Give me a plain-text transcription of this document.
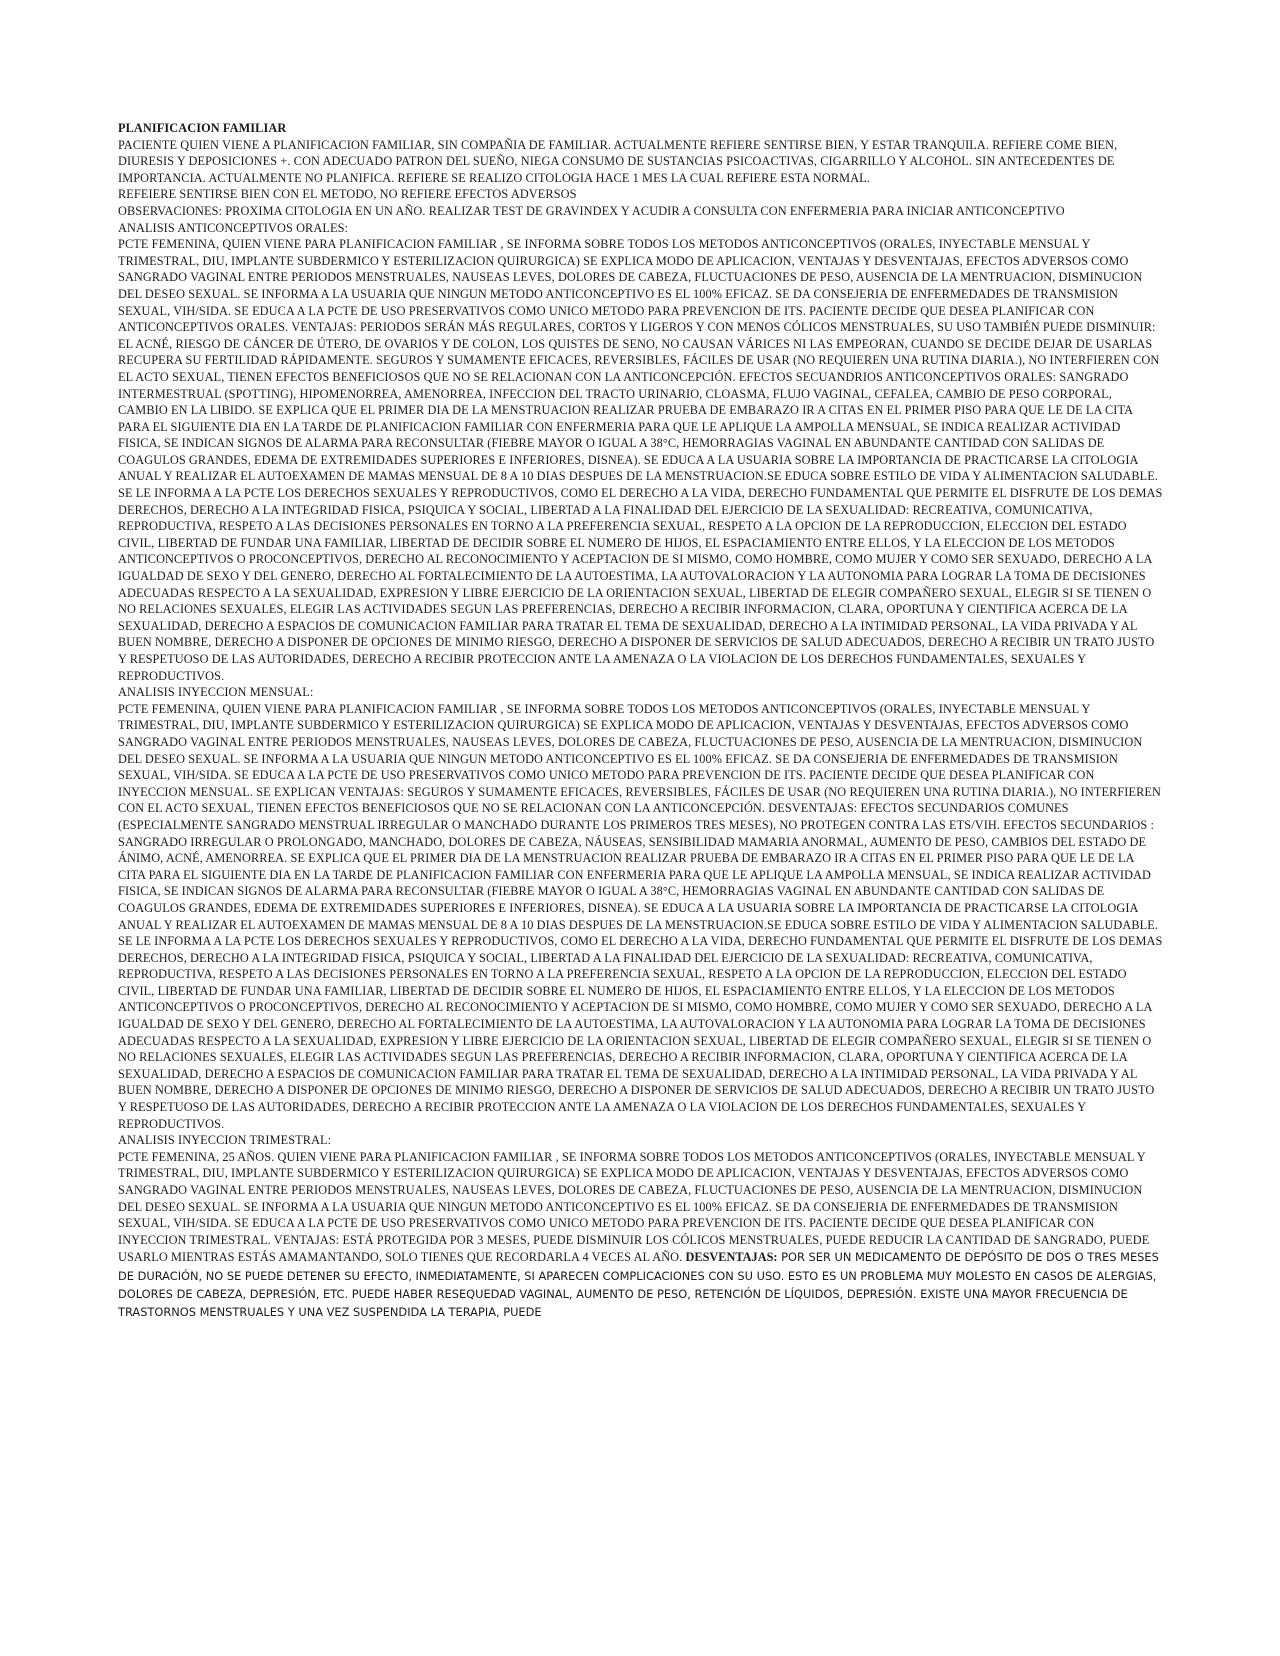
PLANIFICACION FAMILIAR

PACIENTE QUIEN VIENE A PLANIFICACION FAMILIAR, SIN COMPAÑIA DE FAMILIAR. ACTUALMENTE REFIERE SENTIRSE BIEN, Y ESTAR TRANQUILA. REFIERE COME BIEN, DIURESIS Y DEPOSICIONES +. CON ADECUADO PATRON DEL SUEÑO, NIEGA CONSUMO DE SUSTANCIAS PSICOACTIVAS, CIGARRILLO Y ALCOHOL. SIN ANTECEDENTES DE IMPORTANCIA. ACTUALMENTE NO PLANIFICA. REFIERE SE REALIZO CITOLOGIA HACE 1 MES LA CUAL REFIERE ESTA NORMAL.

REFEIERE SENTIRSE BIEN CON EL METODO, NO REFIERE EFECTOS ADVERSOS

OBSERVACIONES: PROXIMA CITOLOGIA EN UN AÑO. REALIZAR TEST DE GRAVINDEX Y ACUDIR A CONSULTA CON ENFERMERIA PARA INICIAR ANTICONCEPTIVO

ANALISIS ANTICONCEPTIVOS ORALES:

PCTE FEMENINA, QUIEN VIENE PARA PLANIFICACION FAMILIAR , SE INFORMA SOBRE TODOS LOS METODOS ANTICONCEPTIVOS (ORALES, INYECTABLE MENSUAL Y TRIMESTRAL, DIU, IMPLANTE SUBDERMICO Y ESTERILIZACION QUIRURGICA) SE EXPLICA MODO DE APLICACION, VENTAJAS Y DESVENTAJAS, EFECTOS ADVERSOS COMO SANGRADO VAGINAL ENTRE PERIODOS MENSTRUALES, NAUSEAS LEVES, DOLORES DE CABEZA, FLUCTUACIONES DE PESO, AUSENCIA DE LA MENTRUACION, DISMINUCION DEL DESEO SEXUAL. SE INFORMA A LA USUARIA QUE NINGUN METODO ANTICONCEPTIVO ES EL 100% EFICAZ. SE DA CONSEJERIA DE ENFERMEDADES DE TRANSMISION SEXUAL, VIH/SIDA. SE EDUCA A LA PCTE DE USO PRESERVATIVOS COMO UNICO METODO PARA PREVENCION DE ITS. PACIENTE DECIDE QUE DESEA PLANIFICAR CON ANTICONCEPTIVOS ORALES. VENTAJAS: PERIODOS SERÁN MÁS REGULARES, CORTOS Y LIGEROS Y CON MENOS CÓLICOS MENSTRUALES, SU USO TAMBIÉN PUEDE DISMINUIR: EL ACNÉ, RIESGO DE CÁNCER DE ÚTERO, DE OVARIOS Y DE COLON, LOS QUISTES DE SENO, NO CAUSAN VÁRICES NI LAS EMPEORAN, CUANDO SE DECIDE DEJAR DE USARLAS RECUPERA SU FERTILIDAD RÁPIDAMENTE. SEGUROS Y SUMAMENTE EFICACES, REVERSIBLES, FÁCILES DE USAR (NO REQUIEREN UNA RUTINA DIARIA.), NO INTERFIEREN CON EL ACTO SEXUAL, TIENEN EFECTOS BENEFICIOSOS QUE NO SE RELACIONAN CON LA ANTICONCEPCIÓN. EFECTOS SECUANDRIOS ANTICONCEPTIVOS ORALES: SANGRADO INTERMESTRUAL (SPOTTING), HIPOMENORREA, AMENORREA, INFECCION DEL TRACTO URINARIO, CLOASMA, FLUJO VAGINAL, CEFALEA, CAMBIO DE PESO CORPORAL, CAMBIO EN LA LIBIDO. SE EXPLICA QUE EL PRIMER DIA DE LA MENSTRUACION REALIZAR PRUEBA DE EMBARAZO IR A CITAS EN EL PRIMER PISO PARA QUE LE DE LA CITA PARA EL SIGUIENTE DIA EN LA TARDE DE PLANIFICACION FAMILIAR CON ENFERMERIA PARA QUE LE APLIQUE LA AMPOLLA MENSUAL, SE INDICA REALIZAR ACTIVIDAD FISICA, SE INDICAN SIGNOS DE ALARMA PARA RECONSULTAR (FIEBRE MAYOR O IGUAL A 38°C, HEMORRAGIAS VAGINAL EN ABUNDANTE CANTIDAD CON SALIDAS DE COAGULOS GRANDES, EDEMA DE EXTREMIDADES SUPERIORES E INFERIORES, DISNEA). SE EDUCA A LA USUARIA SOBRE LA IMPORTANCIA DE PRACTICARSE LA CITOLOGIA ANUAL Y REALIZAR EL AUTOEXAMEN DE MAMAS MENSUAL DE 8 A 10 DIAS DESPUES DE LA MENSTRUACION.SE EDUCA SOBRE ESTILO DE VIDA Y ALIMENTACION SALUDABLE. SE LE INFORMA A LA PCTE LOS DERECHOS SEXUALES Y REPRODUCTIVOS, COMO EL DERECHO A LA VIDA, DERECHO FUNDAMENTAL QUE PERMITE EL DISFRUTE DE LOS DEMAS DERECHOS, DERECHO A LA INTEGRIDAD FISICA, PSIQUICA Y SOCIAL, LIBERTAD A LA FINALIDAD DEL EJERCICIO DE LA SEXUALIDAD: RECREATIVA, COMUNICATIVA, REPRODUCTIVA, RESPETO A LAS DECISIONES PERSONALES EN TORNO A LA PREFERENCIA SEXUAL, RESPETO A LA OPCION DE LA REPRODUCCION, ELECCION DEL ESTADO CIVIL, LIBERTAD DE FUNDAR UNA FAMILIAR, LIBERTAD DE DECIDIR SOBRE EL NUMERO DE HIJOS, EL ESPACIAMIENTO ENTRE ELLOS, Y LA ELECCION DE LOS METODOS ANTICONCEPTIVOS O PROCONCEPTIVOS, DERECHO AL RECONOCIMIENTO Y ACEPTACION DE SI MISMO, COMO HOMBRE, COMO MUJER Y COMO SER SEXUADO, DERECHO A LA IGUALDAD DE SEXO Y DEL GENERO, DERECHO AL FORTALECIMIENTO DE LA AUTOESTIMA, LA AUTOVALORACION Y LA AUTONOMIA PARA LOGRAR LA TOMA DE DECISIONES ADECUADAS RESPECTO A LA SEXUALIDAD, EXPRESION Y LIBRE EJERCICIO DE LA ORIENTACION SEXUAL, LIBERTAD DE ELEGIR COMPAÑERO SEXUAL, ELEGIR SI SE TIENEN O NO RELACIONES SEXUALES, ELEGIR LAS ACTIVIDADES SEGUN LAS PREFERENCIAS, DERECHO A RECIBIR INFORMACION, CLARA, OPORTUNA Y CIENTIFICA ACERCA DE LA SEXUALIDAD, DERECHO A ESPACIOS DE COMUNICACION FAMILIAR PARA TRATAR EL TEMA DE SEXUALIDAD, DERECHO A LA INTIMIDAD PERSONAL, LA VIDA PRIVADA Y AL BUEN NOMBRE, DERECHO A DISPONER DE OPCIONES DE MINIMO RIESGO, DERECHO A DISPONER DE SERVICIOS DE SALUD ADECUADOS, DERECHO A RECIBIR UN TRATO JUSTO Y RESPETUOSO DE LAS AUTORIDADES, DERECHO A RECIBIR PROTECCION ANTE LA AMENAZA O LA VIOLACION DE LOS DERECHOS FUNDAMENTALES, SEXUALES Y REPRODUCTIVOS.

ANALISIS INYECCION MENSUAL:

PCTE FEMENINA, QUIEN VIENE PARA PLANIFICACION FAMILIAR , SE INFORMA SOBRE TODOS LOS METODOS ANTICONCEPTIVOS (ORALES, INYECTABLE MENSUAL Y TRIMESTRAL, DIU, IMPLANTE SUBDERMICO Y ESTERILIZACION QUIRURGICA) SE EXPLICA MODO DE APLICACION, VENTAJAS Y DESVENTAJAS, EFECTOS ADVERSOS COMO SANGRADO VAGINAL ENTRE PERIODOS MENSTRUALES, NAUSEAS LEVES, DOLORES DE CABEZA, FLUCTUACIONES DE PESO, AUSENCIA DE LA MENTRUACION, DISMINUCION DEL DESEO SEXUAL. SE INFORMA A LA USUARIA QUE NINGUN METODO ANTICONCEPTIVO ES EL 100% EFICAZ. SE DA CONSEJERIA DE ENFERMEDADES DE TRANSMISION SEXUAL, VIH/SIDA. SE EDUCA A LA PCTE DE USO PRESERVATIVOS COMO UNICO METODO PARA PREVENCION DE ITS. PACIENTE DECIDE QUE DESEA PLANIFICAR CON INYECCION MENSUAL. SE EXPLICAN VENTAJAS: SEGUROS Y SUMAMENTE EFICACES, REVERSIBLES, FÁCILES DE USAR (NO REQUIEREN UNA RUTINA DIARIA.), NO INTERFIEREN CON EL ACTO SEXUAL, TIENEN EFECTOS BENEFICIOSOS QUE NO SE RELACIONAN CON LA ANTICONCEPCIÓN. DESVENTAJAS: EFECTOS SECUNDARIOS COMUNES (ESPECIALMENTE SANGRADO MENSTRUAL IRREGULAR O MANCHADO DURANTE LOS PRIMEROS TRES MESES), NO PROTEGEN CONTRA LAS ETS/VIH. EFECTOS SECUNDARIOS : SANGRADO IRREGULAR O PROLONGADO, MANCHADO, DOLORES DE CABEZA, NÁUSEAS, SENSIBILIDAD MAMARIA ANORMAL, AUMENTO DE PESO, CAMBIOS DEL ESTADO DE ÁNIMO, ACNÉ, AMENORREA. SE EXPLICA QUE EL PRIMER DIA DE LA MENSTRUACION REALIZAR PRUEBA DE EMBARAZO IR A CITAS EN EL PRIMER PISO PARA QUE LE DE LA CITA PARA EL SIGUIENTE DIA EN LA TARDE DE PLANIFICACION FAMILIAR CON ENFERMERIA PARA QUE LE APLIQUE LA AMPOLLA MENSUAL, SE INDICA REALIZAR ACTIVIDAD FISICA, SE INDICAN SIGNOS DE ALARMA PARA RECONSULTAR (FIEBRE MAYOR O IGUAL A 38°C, HEMORRAGIAS VAGINAL EN ABUNDANTE CANTIDAD CON SALIDAS DE COAGULOS GRANDES, EDEMA DE EXTREMIDADES SUPERIORES E INFERIORES, DISNEA). SE EDUCA A LA USUARIA SOBRE LA IMPORTANCIA DE PRACTICARSE LA CITOLOGIA ANUAL Y REALIZAR EL AUTOEXAMEN DE MAMAS MENSUAL DE 8 A 10 DIAS DESPUES DE LA MENSTRUACION.SE EDUCA SOBRE ESTILO DE VIDA Y ALIMENTACION SALUDABLE. SE LE INFORMA A LA PCTE LOS DERECHOS SEXUALES Y REPRODUCTIVOS, COMO EL DERECHO A LA VIDA, DERECHO FUNDAMENTAL QUE PERMITE EL DISFRUTE DE LOS DEMAS DERECHOS, DERECHO A LA INTEGRIDAD FISICA, PSIQUICA Y SOCIAL, LIBERTAD A LA FINALIDAD DEL EJERCICIO DE LA SEXUALIDAD: RECREATIVA, COMUNICATIVA, REPRODUCTIVA, RESPETO A LAS DECISIONES PERSONALES EN TORNO A LA PREFERENCIA SEXUAL, RESPETO A LA OPCION DE LA REPRODUCCION, ELECCION DEL ESTADO CIVIL, LIBERTAD DE FUNDAR UNA FAMILIAR, LIBERTAD DE DECIDIR SOBRE EL NUMERO DE HIJOS, EL ESPACIAMIENTO ENTRE ELLOS, Y LA ELECCION DE LOS METODOS ANTICONCEPTIVOS O PROCONCEPTIVOS, DERECHO AL RECONOCIMIENTO Y ACEPTACION DE SI MISMO, COMO HOMBRE, COMO MUJER Y COMO SER SEXUADO, DERECHO A LA IGUALDAD DE SEXO Y DEL GENERO, DERECHO AL FORTALECIMIENTO DE LA AUTOESTIMA, LA AUTOVALORACION Y LA AUTONOMIA PARA LOGRAR LA TOMA DE DECISIONES ADECUADAS RESPECTO A LA SEXUALIDAD, EXPRESION Y LIBRE EJERCICIO DE LA ORIENTACION SEXUAL, LIBERTAD DE ELEGIR COMPAÑERO SEXUAL, ELEGIR SI SE TIENEN O NO RELACIONES SEXUALES, ELEGIR LAS ACTIVIDADES SEGUN LAS PREFERENCIAS, DERECHO A RECIBIR INFORMACION, CLARA, OPORTUNA Y CIENTIFICA ACERCA DE LA SEXUALIDAD, DERECHO A ESPACIOS DE COMUNICACION FAMILIAR PARA TRATAR EL TEMA DE SEXUALIDAD, DERECHO A LA INTIMIDAD PERSONAL, LA VIDA PRIVADA Y AL BUEN NOMBRE, DERECHO A DISPONER DE OPCIONES DE MINIMO RIESGO, DERECHO A DISPONER DE SERVICIOS DE SALUD ADECUADOS, DERECHO A RECIBIR UN TRATO JUSTO Y RESPETUOSO DE LAS AUTORIDADES, DERECHO A RECIBIR PROTECCION ANTE LA AMENAZA O LA VIOLACION DE LOS DERECHOS FUNDAMENTALES, SEXUALES Y REPRODUCTIVOS.

ANALISIS INYECCION TRIMESTRAL:

PCTE FEMENINA, 25 AÑOS. QUIEN VIENE PARA PLANIFICACION FAMILIAR , SE INFORMA SOBRE TODOS LOS METODOS ANTICONCEPTIVOS (ORALES, INYECTABLE MENSUAL Y TRIMESTRAL, DIU, IMPLANTE SUBDERMICO Y ESTERILIZACION QUIRURGICA) SE EXPLICA MODO DE APLICACION, VENTAJAS Y DESVENTAJAS, EFECTOS ADVERSOS COMO SANGRADO VAGINAL ENTRE PERIODOS MENSTRUALES, NAUSEAS LEVES, DOLORES DE CABEZA, FLUCTUACIONES DE PESO, AUSENCIA DE LA MENTRUACION, DISMINUCION DEL DESEO SEXUAL. SE INFORMA A LA USUARIA QUE NINGUN METODO ANTICONCEPTIVO ES EL 100% EFICAZ. SE DA CONSEJERIA DE ENFERMEDADES DE TRANSMISION SEXUAL, VIH/SIDA. SE EDUCA A LA PCTE DE USO PRESERVATIVOS COMO UNICO METODO PARA PREVENCION DE ITS. PACIENTE DECIDE QUE DESEA PLANIFICAR CON INYECCION TRIMESTRAL. VENTAJAS: ESTÁ PROTEGIDA POR 3 MESES, PUEDE DISMINUIR LOS CÓLICOS MENSTRUALES, PUEDE REDUCIR LA CANTIDAD DE SANGRADO, PUEDE USARLO MIENTRAS ESTÁS AMAMANTANDO, SOLO TIENES QUE RECORDARLA 4 VECES AL AÑO. DESVENTAJAS: POR SER UN MEDICAMENTO DE DEPÓSITO DE DOS O TRES MESES DE DURACIÓN, NO SE PUEDE DETENER SU EFECTO, INMEDIATAMENTE, SI APARECEN COMPLICACIONES CON SU USO. ESTO ES UN PROBLEMA MUY MOLESTO EN CASOS DE ALERGIAS, DOLORES DE CABEZA, DEPRESIÓN, ETC. PUEDE HABER RESEQUEDAD VAGINAL, AUMENTO DE PESO, RETENCIÓN DE LÍQUIDOS, DEPRESIÓN. EXISTE UNA MAYOR FRECUENCIA DE TRASTORNOS MENSTRUALES Y UNA VEZ SUSPENDIDA LA TERAPIA, PUEDE
